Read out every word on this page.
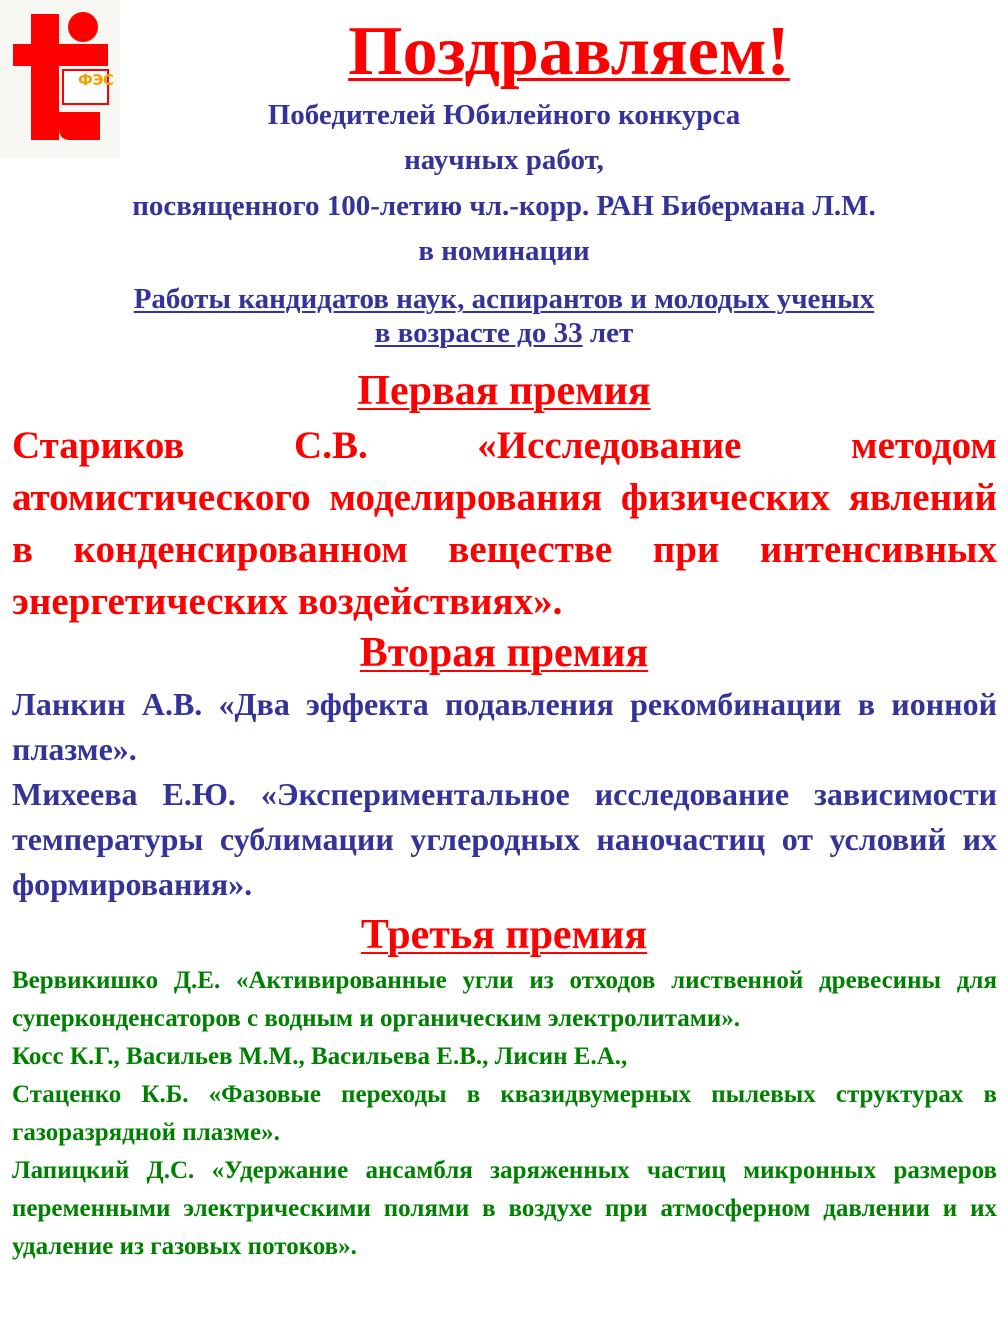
ФЭС	Поздравляем!
Победителей Юбилейного конкурса
научных работ,
посвященного 100-летию чл.-корр. РАН Бибермана Л.М.
в номинации
Работы кандидатов наук, аспирантов и молодых ученых
в возрасте до 33 лет
Первая премия

Стариков С.В. «Исследование методом атомистического моделирования физических явлений в конденсированном веществе при интенсивных энергетических воздействиях».

Вторая премия

Ланкин А.В. «Два эффекта подавления рекомбинации в ионной плазме».

Михеева Е.Ю. «Экспериментальное исследование зависимости температуры сублимации углеродных наночастиц от условий их формирования».

Третья премия

Вервикишко Д.Е. «Активированные угли из отходов лиственной древесины для суперконденсаторов с водным и органическим электролитами».

Косс К.Г., Васильев М.М., Васильева Е.В., Лисин Е.А.,

Стаценко К.Б. «Фазовые переходы в квазидвумерных пылевых структурах в газоразрядной плазме».

Лапицкий Д.С. «Удержание ансамбля заряженных частиц микронных размеров переменными электрическими полями в воздухе при атмосферном давлении и их удаление из газовых потоков».
